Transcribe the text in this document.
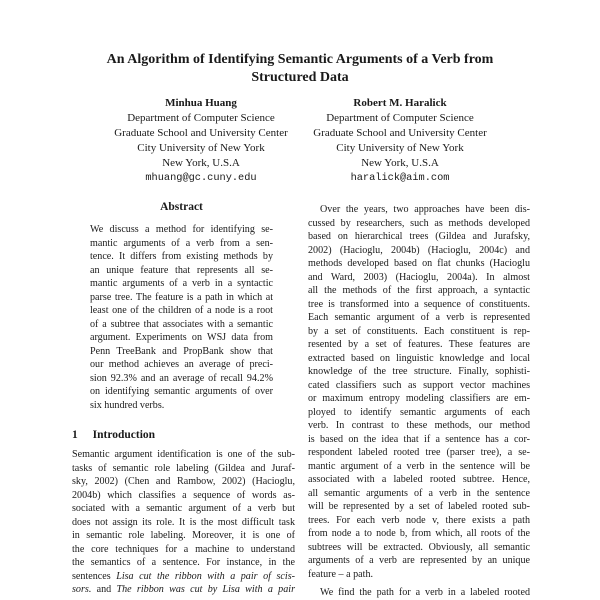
An Algorithm of Identifying Semantic Arguments of a Verb from
Structured Data
Minhua Huang
Department of Computer Science
Graduate School and University Center
City University of New York
New York, U.S.A
mhuang@gc.cuny.edu
Robert M. Haralick
Department of Computer Science
Graduate School and University Center
City University of New York
New York, U.S.A
haralick@aim.com
Abstract
We discuss a method for identifying se-
mantic arguments of a verb from a sen-
tence. It differs from existing methods by
an unique feature that represents all se-
mantic arguments of a verb in a syntactic
parse tree. The feature is a path in which at
least one of the children of a node is a root
of a subtree that associates with a semantic
argument. Experiments on WSJ data from
Penn TreeBank and PropBank show that
our method achieves an average of preci-
sion 92.3% and an average of recall 94.2%
on identifying semantic arguments of over
six hundred verbs.
1 Introduction
Semantic argument identification is one of the sub-
tasks of semantic role labeling (Gildea and Juraf-
sky, 2002) (Chen and Rambow, 2002) (Hacioglu,
2004b) which classifies a sequence of words as-
sociated with a semantic argument of a verb but
does not assign its role. It is the most difficult task
in semantic role labeling. Moreover, it is one of
the core techniques for a machine to understand
the semantics of a sentence. For instance, in the
sentences Lisa cut the ribbon with a pair of scis-
sors. and The ribbon was cut by Lisa with a pair
Over the years, two approaches have been dis-
cussed by researchers, such as methods developed
based on hierarchical trees (Gildea and Jurafsky,
2002) (Hacioglu, 2004b) (Hacioglu, 2004c) and
methods developed based on flat chunks (Hacioglu
and Ward, 2003) (Hacioglu, 2004a). In almost
all the methods of the first approach, a syntactic
tree is transformed into a sequence of constituents.
Each semantic argument of a verb is represented
by a set of constituents. Each constituent is rep-
resented by a set of features. These features are
extracted based on linguistic knowledge and local
knowledge of the tree structure. Finally, sophisti-
cated classifiers such as support vector machines
or maximum entropy modeling classifiers are em-
ployed to identify semantic arguments of each
verb. In contrast to these methods, our method
is based on the idea that if a sentence has a cor-
respondent labeled rooted tree (parser tree), a se-
mantic argument of a verb in the sentence will be
associated with a labeled rooted subtree. Hence,
all semantic arguments of a verb in the sentence
will be represented by a set of labeled rooted sub-
trees. For each verb node v, there exists a path
from node a to node b, from which, all roots of the
subtrees will be extracted. Obviously, all semantic
arguments of a verb are represented by an unique
feature – a path.
We find the path for a verb in a labeled rooted
